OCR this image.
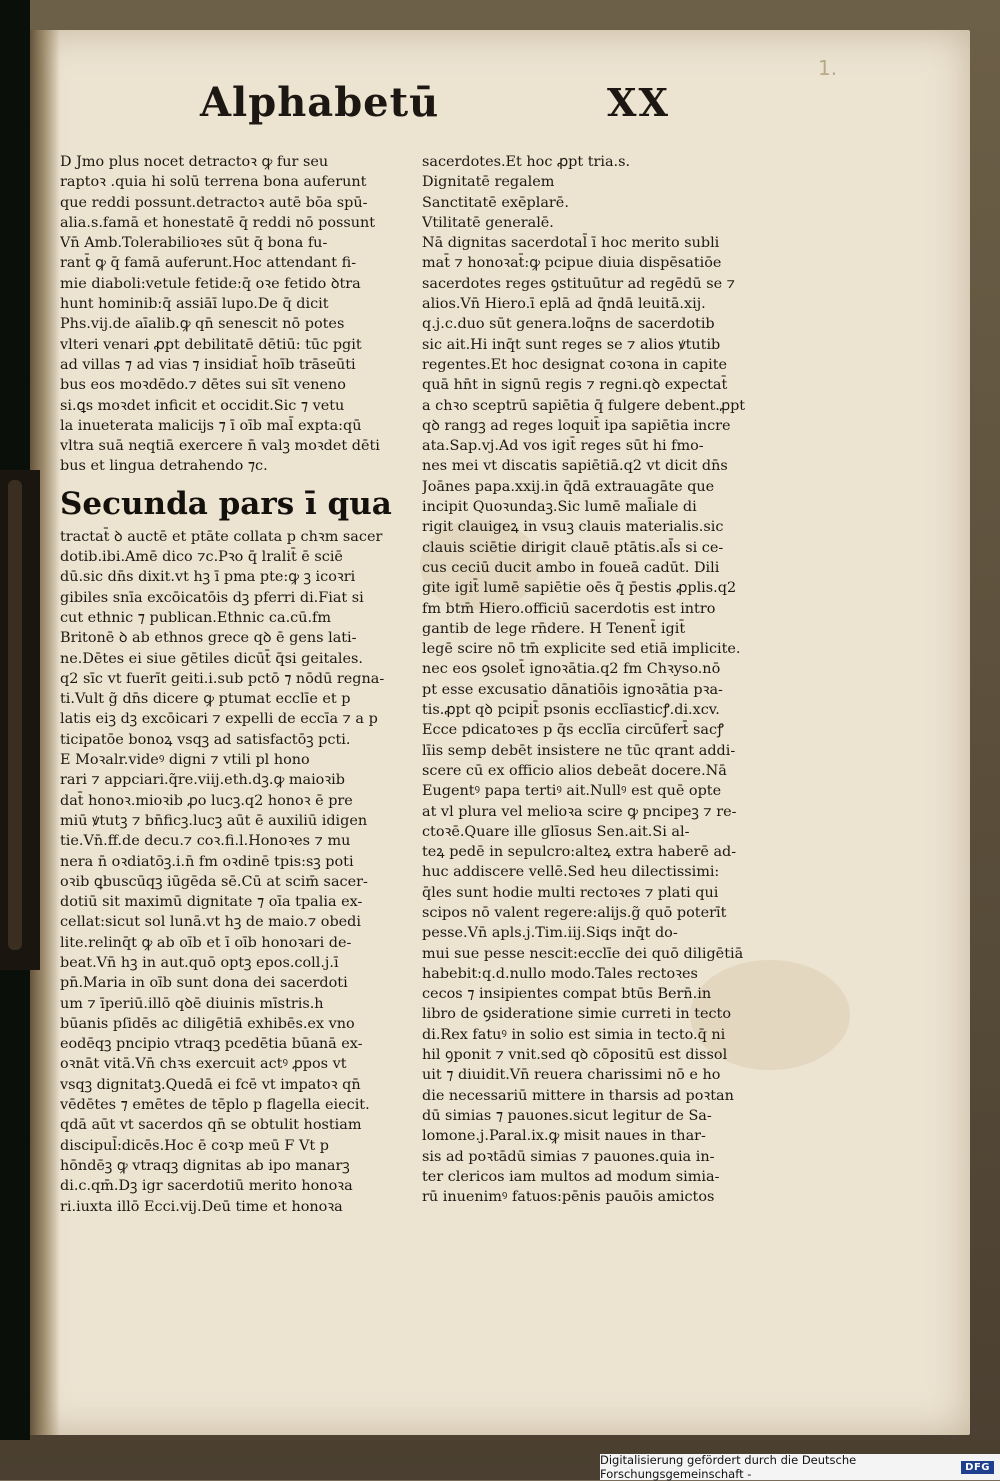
Alphabetū	XX
1.
D Jmo plus nocet detractoꝛ ꝙ fur seu
raptoꝛ .quia hi solū terrena bona auferunt
que reddi possunt.detractoꝛ autē bōa spū-
alia.s.famā et honestatē q̄ reddi nō possunt
Vn̄ Amb.Tolerabilioꝛes sūt q̄ bona fu-
rant̄ ꝙ q̄ famā auferunt.Hoc attendant fi-
mie diaboli:vetule fetide:q̄ oꝛe fetido ꝺtra
hunt hominib:q̄ assiāī lupo.De q̄ dicit
Phs.vij.de aīalib.ꝙ qn̄ senescit nō potes
vlteri venari ꝓpt debilitatē dētiū: tūc pgit
ad villas ⁊ ad vias ⁊ insidiat̄ hoīb trāseūti
bus eos moꝛdēdo.⁊ dētes sui sīt veneno
si.ꝗs moꝛdet inficit et occidit.Sic ⁊ vetu
la inueterata malicijs ⁊ ī oīb mal̄ expta:qū
vltra suā neqtiā exercere n̄ valꝫ moꝛdet dēti
bus et lingua detrahendo ⁊c.
Secunda pars ī qua
tractat̄ ꝺ auctē et ptāte collata p chꝛm sacer
dotib.ibi.Amē dico ⁊c.Pꝛo q̄ lralit̄ ē sciē
dū.sic dn̄s dixit.vt hꝫ ī pma pte:ꝙ ꝫ icoꝛri
gibiles snīa excōicatōis dꝫ pferri di.Fiat si
cut ethnic ⁊ publican.Ethnic ca.cū.fm
Britonē ꝺ ab ethnos grece qꝺ ē gens lati-
ne.Dētes ei siue gētiles dicūt̄ q̄si geitales.
q2 sīc vt fuerīt geiti.i.sub pctō ⁊ nōdū regna-
ti.Vult g̃ dn̄s dicere ꝙ ptumat ecclīe et p
latis eiꝫ dꝫ excōicari ⁊ expelli de eccīa ⁊ a p
ticipatōe bonoꝝ vsqꝫ ad satisfactōꝫ pcti.
E Moꝛalr.videꝰ digni ⁊ vtili pl hono
rari ⁊ appciari.q̃re.viij.eth.dꝫ.ꝙ maioꝛib
dat̄ honoꝛ.mioꝛib ꝓo lucꝫ.q2 honoꝛ ē pre
miū ꝟtutꝫ ⁊ bn̄ficꝫ.lucꝫ aūt ē auxiliū idigen
tie.Vn̄.ff.de decu.⁊ coꝛ.fi.l.Honoꝛes ⁊ mu
nera n̄ oꝛdiatōꝫ.i.n̄ fm oꝛdinē tpis:sꝫ poti
oꝛib ꝗbuscūqꝫ iūgēda sē.Cū at scim̄ sacer-
dotiū sit maximū dignitate ⁊ oīa tpalia ex-
cellat:sicut sol lunā.vt hꝫ de maio.⁊ obedi
lite.relinq̄t ꝙ ab oīb et ī oīb honoꝛari de-
beat.Vn̄ hꝫ in aut.quō optꝫ epos.coll.j.ī
pn̄.Maria in oīb sunt dona dei sacerdoti
um ⁊ īperiū.illō qꝺē diuinis mīstris.h
būanis pſidēs ac diligētiā exhibēs.ex vno
eodēqꝫ pncipio vtraqꝫ pcedētia būanā ex-
oꝛnāt vitā.Vn̄ chꝛs exercuit actꝰ ꝓpos vt
vsqꝫ dignitatꝫ.Quedā ei fcē vt impatoꝛ qn̄
vēdētes ⁊ emētes de tēplo p flagella eiecit.
qdā aūt vt sacerdos qn̄ se obtulit hostiam
discipul̄:dicēs.Hoc ē coꝛp meū F Vt p
hōndēꝫ ꝙ vtraqꝫ dignitas ab ipo manarꝫ
di.c.qm̄.Dꝫ igr sacerdotiū merito honoꝛa
ri.iuxta illō Ecci.vij.Deū time et honoꝛa
sacerdotes.Et hoc ꝓpt tria.s.
Dignitatē regalem
Sanctitatē exēplarē.
Vtilitatē generalē.
Nā dignitas sacerdotal̄ ī hoc merito subli
mat̄ ⁊ honoꝛat̄:ꝙ pcipue diuia dispēsatiōe
sacerdotes reges ꝯstituūtur ad regēdū se ⁊
alios.Vn̄ Hiero.ī eplā ad q̄ndā leuitā.xij.
q.j.c.duo sūt genera.loq̄ns de sacerdotib
sic ait.Hi inq̄t sunt reges se ⁊ alios ꝟtutib
regentes.Et hoc designat coꝛona in capite
quā hn̄t in signū regis ⁊ regni.qꝺ expectat̄
a chꝛo sceptrū sapiētia q̄ fulgere debent.ꝓpt
qꝺ rangꝫ ad reges loquit̄ ipa sapiētia incre
ata.Sap.vj.Ad vos igit̄ reges sūt hi fmo-
nes mei vt discatis sapiētiā.q2 vt dicit dn̄s
Joānes papa.xxij.in q̄dā extrauagāte que
incipit Quoꝛundaꝫ.Sic lumē mal̄iale di
rigit clauigeꝝ in vsuꝫ clauis materialis.sic
clauis sciētie dirigit clauē ptātis.al̄s si ce-
cus ceciū ducit ambo in foueā cadūt. Dili
gite igit̄ lumē sapiētie oēs q̄ p̄estis ꝓplis.q2
fm btm̄ Hiero.officiū sacerdotis est intro
gantib de lege rn̄dere. H Tenent̄ igit̄
legē scire nō tm̄ explicite sed etiā implicite.
nec eos ꝯsolet̄ ignoꝛātia.q2 fm Chꝛyso.nō
pt esse excusatio dānatiōis ignoꝛātia pꝛa-
tis.ꝓpt qꝺ pcipit̄ psonis ecclīasticꝭ.di.xcv.
Ecce pdicatoꝛes p q̄s ecclīa circūfert̄ sacꝭ
līis semp debēt insistere ne tūc qrant addi-
scere cū ex officio alios debeāt docere.Nā
Eugentꝰ papa tertiꝰ ait.Nullꝰ est quē opte
at vl plura vel melioꝛa scire ꝙ pncipeꝫ ⁊ re-
ctoꝛē.Quare ille glīosus Sen.ait.Si al-
teꝝ pedē in sepulcro:alteꝝ extra haberē ad-
huc addiscere vellē.Sed heu dilectissimi:
q̄les sunt hodie multi rectoꝛes ⁊ plati qui
scipos nō valent regere:alijs.g̃ quō poterīt
pesse.Vn̄ apls.j.Tim.iij.Siqs inq̄t do-
mui sue pesse nescit:ecclīe dei quō diligētiā
habebit:q.d.nullo modo.Tales rectoꝛes
cecos ⁊ insipientes compat btūs Bern̄.in
libro de ꝯsideratione simie curreti in tecto
di.Rex fatuꝰ in solio est simia in tecto.q̄ ni
hil ꝯponit ⁊ vnit.sed qꝺ cōpositū est dissol
uit ⁊ diuidit.Vn̄ reuera charissimi nō e ho
die necessariū mittere in tharsis ad poꝛtan
dū simias ⁊ pauones.sicut legitur de Sa-
lomone.j.Paral.ix.ꝙ misit naues in thar-
sis ad poꝛtādū simias ⁊ pauones.quia in-
ter clericos iam multos ad modum simia-
rū inuenimꝰ fatuos:pēnis pauōis amictos
Digitalisierung gefördert durch die Deutsche Forschungsgemeinschaft -	DFG
